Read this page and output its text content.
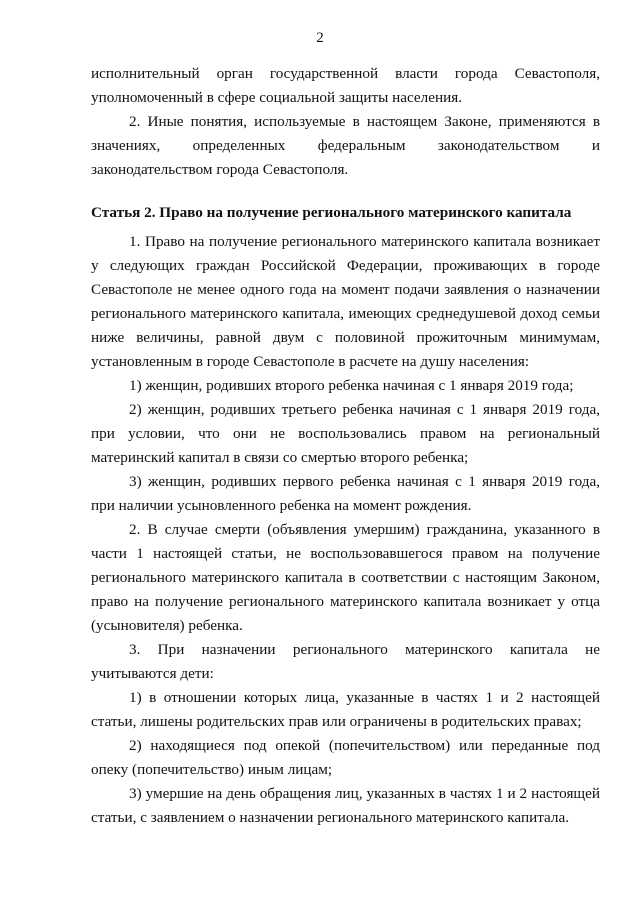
2

исполнительный орган государственной власти города Севастополя, уполномоченный в сфере социальной защиты населения.

2. Иные понятия, используемые в настоящем Законе, применяются в значениях, определенных федеральным законодательством и законодательством города Севастополя.

Статья 2. Право на получение регионального материнского капитала

1. Право на получение регионального материнского капитала возникает у следующих граждан Российской Федерации, проживающих в городе Севастополе не менее одного года на момент подачи заявления о назначении регионального материнского капитала, имеющих среднедушевой доход семьи ниже величины, равной двум с половиной прожиточным минимумам, установленным в городе Севастополе в расчете на душу населения:

1) женщин, родивших второго ребенка начиная с 1 января 2019 года;

2) женщин, родивших третьего ребенка начиная с 1 января 2019 года, при условии, что они не воспользовались правом на региональный материнский капитал в связи со смертью второго ребенка;

3) женщин, родивших первого ребенка начиная с 1 января 2019 года, при наличии усыновленного ребенка на момент рождения.

2. В случае смерти (объявления умершим) гражданина, указанного в части 1 настоящей статьи, не воспользовавшегося правом на получение регионального материнского капитала в соответствии с настоящим Законом, право на получение регионального материнского капитала возникает у отца (усыновителя) ребенка.

3. При назначении регионального материнского капитала не учитываются дети:

1) в отношении которых лица, указанные в частях 1 и 2 настоящей статьи, лишены родительских прав или ограничены в родительских правах;

2) находящиеся под опекой (попечительством) или переданные под опеку (попечительство) иным лицам;

3) умершие на день обращения лиц, указанных в частях 1 и 2 настоящей статьи, с заявлением о назначении регионального материнского капитала.
